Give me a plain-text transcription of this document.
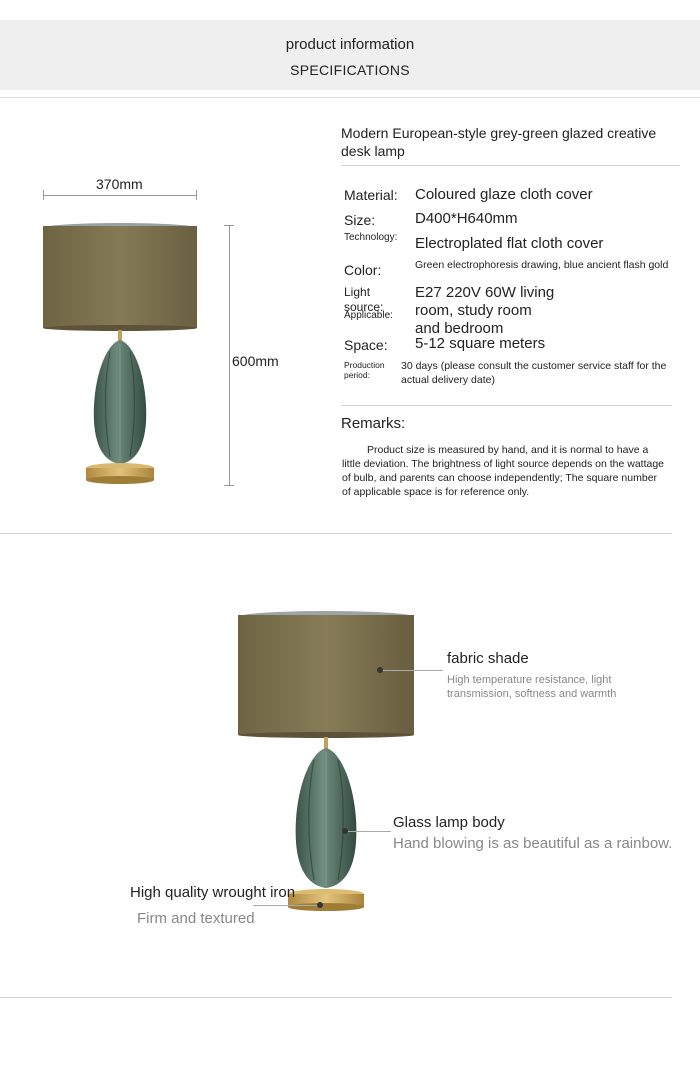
product information
SPECIFICATIONS
370mm
600mm
Modern European-style grey-green glazed creative desk lamp
Material: Coloured glaze cloth cover
Size:	D400*H640mm
Technology: Electroplated flat cloth cover
Color:	Green electrophoresis drawing, blue ancient flash gold
Light source:
E27 220V 60W living
Applicable: room, study room and bedroom
Space: 5-12 square meters
Production period:
30 days (please consult the customer service staff for the actual delivery date)
Remarks:
Product size is measured by hand, and it is normal to have a little deviation. The brightness of light source depends on the wattage of bulb, and parents can choose independently; The square number of applicable space is for reference only.
fabric shade
High temperature resistance, light transmission, softness and warmth
Glass lamp body
Hand blowing is as beautiful as a rainbow.
High quality wrought iron
Firm and textured
